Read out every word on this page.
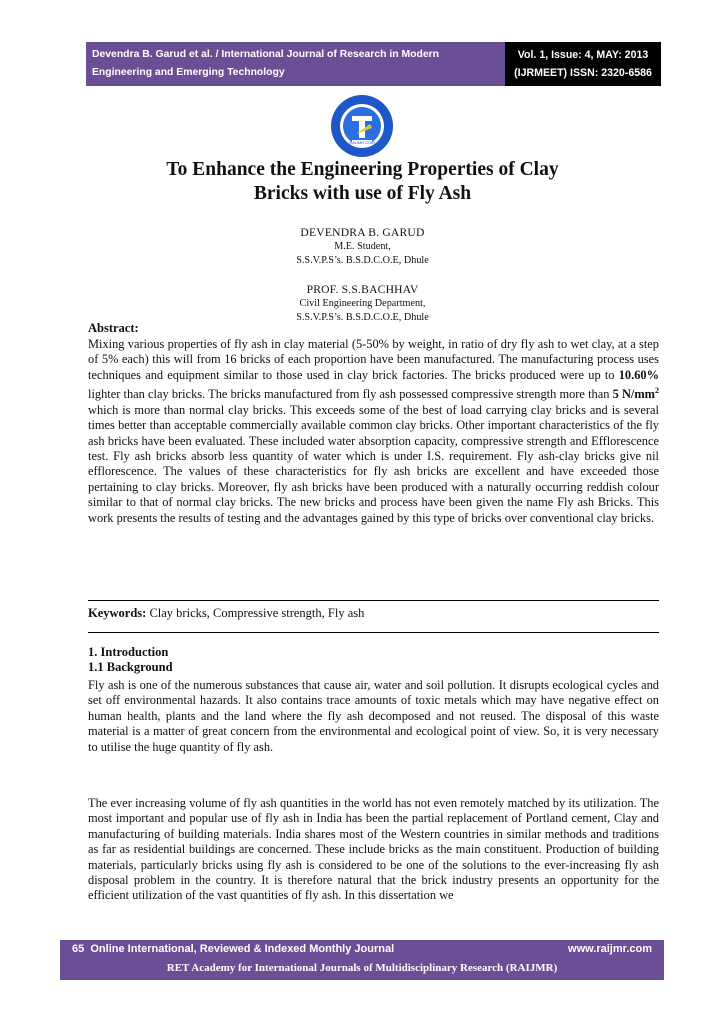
Devendra B. Garud et al. / International Journal of Research in Modern
Engineering and Emerging Technology
Vol. 1, Issue: 4, MAY: 2013
(IJRMEET) ISSN: 2320-6586
RAIJMR.COM
To Enhance the Engineering Properties of Clay
Bricks with use of Fly Ash
DEVENDRA B. GARUD
M.E. Student,
S.S.V.P.S’s. B.S.D.C.O.E, Dhule
PROF. S.S.BACHHAV
Civil Engineering Department,
S.S.V.P.S’s. B.S.D.C.O.E, Dhule
Abstract:
Mixing various properties of fly ash in clay material (5-50% by weight, in ratio of dry fly ash to wet clay, at a step of 5% each) this will from 16 bricks of each proportion have been manufactured. The manufacturing process uses techniques and equipment similar to those used in clay brick factories. The bricks produced were up to 10.60% lighter than clay bricks. The bricks manufactured from fly ash possessed compressive strength more than 5 $N/mm^2$ which is more than normal clay bricks. This exceeds some of the best of load carrying clay bricks and is several times better than acceptable commercially available common clay bricks. Other important characteristics of the fly ash bricks have been evaluated. These included water absorption capacity, compressive strength and Efflorescence test. Fly ash bricks absorb less quantity of water which is under I.S. requirement. Fly ash-clay bricks give nil efflorescence. The values of these characteristics for fly ash bricks are excellent and have exceeded those pertaining to clay bricks. Moreover, fly ash bricks have been produced with a naturally occurring reddish colour similar to that of normal clay bricks. The new bricks and process have been given the name Fly ash Bricks. This work presents the results of testing and the advantages gained by this type of bricks over conventional clay bricks.
Keywords: Clay bricks, Compressive strength, Fly ash
1. Introduction
1.1 Background
Fly ash is one of the numerous substances that cause air, water and soil pollution. It disrupts ecological cycles and set off environmental hazards. It also contains trace amounts of toxic metals which may have negative effect on human health, plants and the land where the fly ash decomposed and not reused. The disposal of this waste material is a matter of great concern from the environmental and ecological point of view. So, it is very necessary to utilise the huge quantity of fly ash.
The ever increasing volume of fly ash quantities in the world has not even remotely matched by its utilization. The most important and popular use of fly ash in India has been the partial replacement of Portland cement, Clay and manufacturing of building materials. India shares most of the Western countries in similar methods and traditions as far as residential buildings are concerned. These include bricks as the main constituent. Production of building materials, particularly bricks using fly ash is considered to be one of the solutions to the ever-increasing fly ash disposal problem in the country. It is therefore natural that the brick industry presents an opportunity for the efficient utilization of the vast quantities of fly ash. In this dissertation we
65 Online International, Reviewed & Indexed Monthly Journal	www.raijmr.com
RET Academy for International Journals of Multidisciplinary Research (RAIJMR)
